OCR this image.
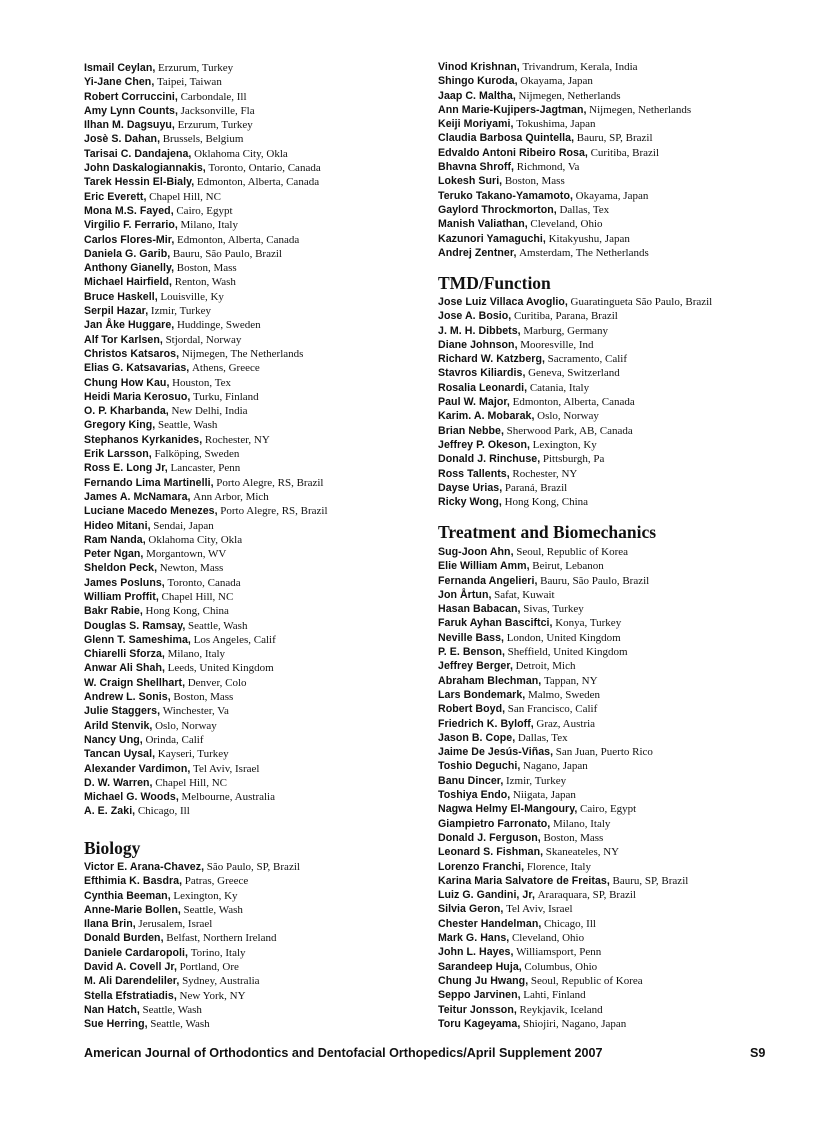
Ismail Ceylan, Erzurum, Turkey
Yi-Jane Chen, Taipei, Taiwan
Robert Corruccini, Carbondale, Ill
Amy Lynn Counts, Jacksonville, Fla
Ilhan M. Dagsuyu, Erzurum, Turkey
Josè S. Dahan, Brussels, Belgium
Tarisai C. Dandajena, Oklahoma City, Okla
John Daskalogiannakis, Toronto, Ontario, Canada
Tarek Hessin El-Bialy, Edmonton, Alberta, Canada
Eric Everett, Chapel Hill, NC
Mona M.S. Fayed, Cairo, Egypt
Virgilio F. Ferrario, Milano, Italy
Carlos Flores-Mir, Edmonton, Alberta, Canada
Daniela G. Garib, Bauru, São Paulo, Brazil
Anthony Gianelly, Boston, Mass
Michael Hairfield, Renton, Wash
Bruce Haskell, Louisville, Ky
Serpil Hazar, Izmir, Turkey
Jan Åke Huggare, Huddinge, Sweden
Alf Tor Karlsen, Stjordal, Norway
Christos Katsaros, Nijmegen, The Netherlands
Elias G. Katsavarias, Athens, Greece
Chung How Kau, Houston, Tex
Heidi Maria Kerosuo, Turku, Finland
O. P. Kharbanda, New Delhi, India
Gregory King, Seattle, Wash
Stephanos Kyrkanides, Rochester, NY
Erik Larsson, Falköping, Sweden
Ross E. Long Jr, Lancaster, Penn
Fernando Lima Martinelli, Porto Alegre, RS, Brazil
James A. McNamara, Ann Arbor, Mich
Luciane Macedo Menezes, Porto Alegre, RS, Brazil
Hideo Mitani, Sendai, Japan
Ram Nanda, Oklahoma City, Okla
Peter Ngan, Morgantown, WV
Sheldon Peck, Newton, Mass
James Posluns, Toronto, Canada
William Proffit, Chapel Hill, NC
Bakr Rabie, Hong Kong, China
Douglas S. Ramsay, Seattle, Wash
Glenn T. Sameshima, Los Angeles, Calif
Chiarelli Sforza, Milano, Italy
Anwar Ali Shah, Leeds, United Kingdom
W. Craign Shellhart, Denver, Colo
Andrew L. Sonis, Boston, Mass
Julie Staggers, Winchester, Va
Arild Stenvik, Oslo, Norway
Nancy Ung, Orinda, Calif
Tancan Uysal, Kayseri, Turkey
Alexander Vardimon, Tel Aviv, Israel
D. W. Warren, Chapel Hill, NC
Michael G. Woods, Melbourne, Australia
A. E. Zaki, Chicago, Ill
Biology
Victor E. Arana-Chavez, São Paulo, SP, Brazil
Efthimia K. Basdra, Patras, Greece
Cynthia Beeman, Lexington, Ky
Anne-Marie Bollen, Seattle, Wash
Ilana Brin, Jerusalem, Israel
Donald Burden, Belfast, Northern Ireland
Daniele Cardaropoli, Torino, Italy
David A. Covell Jr, Portland, Ore
M. Ali Darendeliler, Sydney, Australia
Stella Efstratiadis, New York, NY
Nan Hatch, Seattle, Wash
Sue Herring, Seattle, Wash
Vinod Krishnan, Trivandrum, Kerala, India
Shingo Kuroda, Okayama, Japan
Jaap C. Maltha, Nijmegen, Netherlands
Ann Marie-Kujipers-Jagtman, Nijmegen, Netherlands
Keiji Moriyami, Tokushima, Japan
Claudia Barbosa Quintella, Bauru, SP, Brazil
Edvaldo Antoni Ribeiro Rosa, Curitiba, Brazil
Bhavna Shroff, Richmond, Va
Lokesh Suri, Boston, Mass
Teruko Takano-Yamamoto, Okayama, Japan
Gaylord Throckmorton, Dallas, Tex
Manish Valiathan, Cleveland, Ohio
Kazunori Yamaguchi, Kitakyushu, Japan
Andrej Zentner, Amsterdam, The Netherlands
TMD/Function
Jose Luiz Villaca Avoglio, Guaratingueta São Paulo, Brazil
Jose A. Bosio, Curitiba, Parana, Brazil
J. M. H. Dibbets, Marburg, Germany
Diane Johnson, Mooresville, Ind
Richard W. Katzberg, Sacramento, Calif
Stavros Kiliardis, Geneva, Switzerland
Rosalia Leonardi, Catania, Italy
Paul W. Major, Edmonton, Alberta, Canada
Karim. A. Mobarak, Oslo, Norway
Brian Nebbe, Sherwood Park, AB, Canada
Jeffrey P. Okeson, Lexington, Ky
Donald J. Rinchuse, Pittsburgh, Pa
Ross Tallents, Rochester, NY
Dayse Urias, Paraná, Brazil
Ricky Wong, Hong Kong, China
Treatment and Biomechanics
Sug-Joon Ahn, Seoul, Republic of Korea
Elie William Amm, Beirut, Lebanon
Fernanda Angelieri, Bauru, São Paulo, Brazil
Jon Årtun, Safat, Kuwait
Hasan Babacan, Sivas, Turkey
Faruk Ayhan Basciftci, Konya, Turkey
Neville Bass, London, United Kingdom
P. E. Benson, Sheffield, United Kingdom
Jeffrey Berger, Detroit, Mich
Abraham Blechman, Tappan, NY
Lars Bondemark, Malmo, Sweden
Robert Boyd, San Francisco, Calif
Friedrich K. Byloff, Graz, Austria
Jason B. Cope, Dallas, Tex
Jaime De Jesús-Viñas, San Juan, Puerto Rico
Toshio Deguchi, Nagano, Japan
Banu Dincer, Izmir, Turkey
Toshiya Endo, Niigata, Japan
Nagwa Helmy El-Mangoury, Cairo, Egypt
Giampietro Farronato, Milano, Italy
Donald J. Ferguson, Boston, Mass
Leonard S. Fishman, Skaneateles, NY
Lorenzo Franchi, Florence, Italy
Karina Maria Salvatore de Freitas, Bauru, SP, Brazil
Luiz G. Gandini, Jr, Araraquara, SP, Brazil
Silvia Geron, Tel Aviv, Israel
Chester Handelman, Chicago, Ill
Mark G. Hans, Cleveland, Ohio
John L. Hayes, Williamsport, Penn
Sarandeep Huja, Columbus, Ohio
Chung Ju Hwang, Seoul, Republic of Korea
Seppo Jarvinen, Lahti, Finland
Teitur Jonsson, Reykjavik, Iceland
Toru Kageyama, Shiojiri, Nagano, Japan
American Journal of Orthodontics and Dentofacial Orthopedics/April Supplement 2007	S9
